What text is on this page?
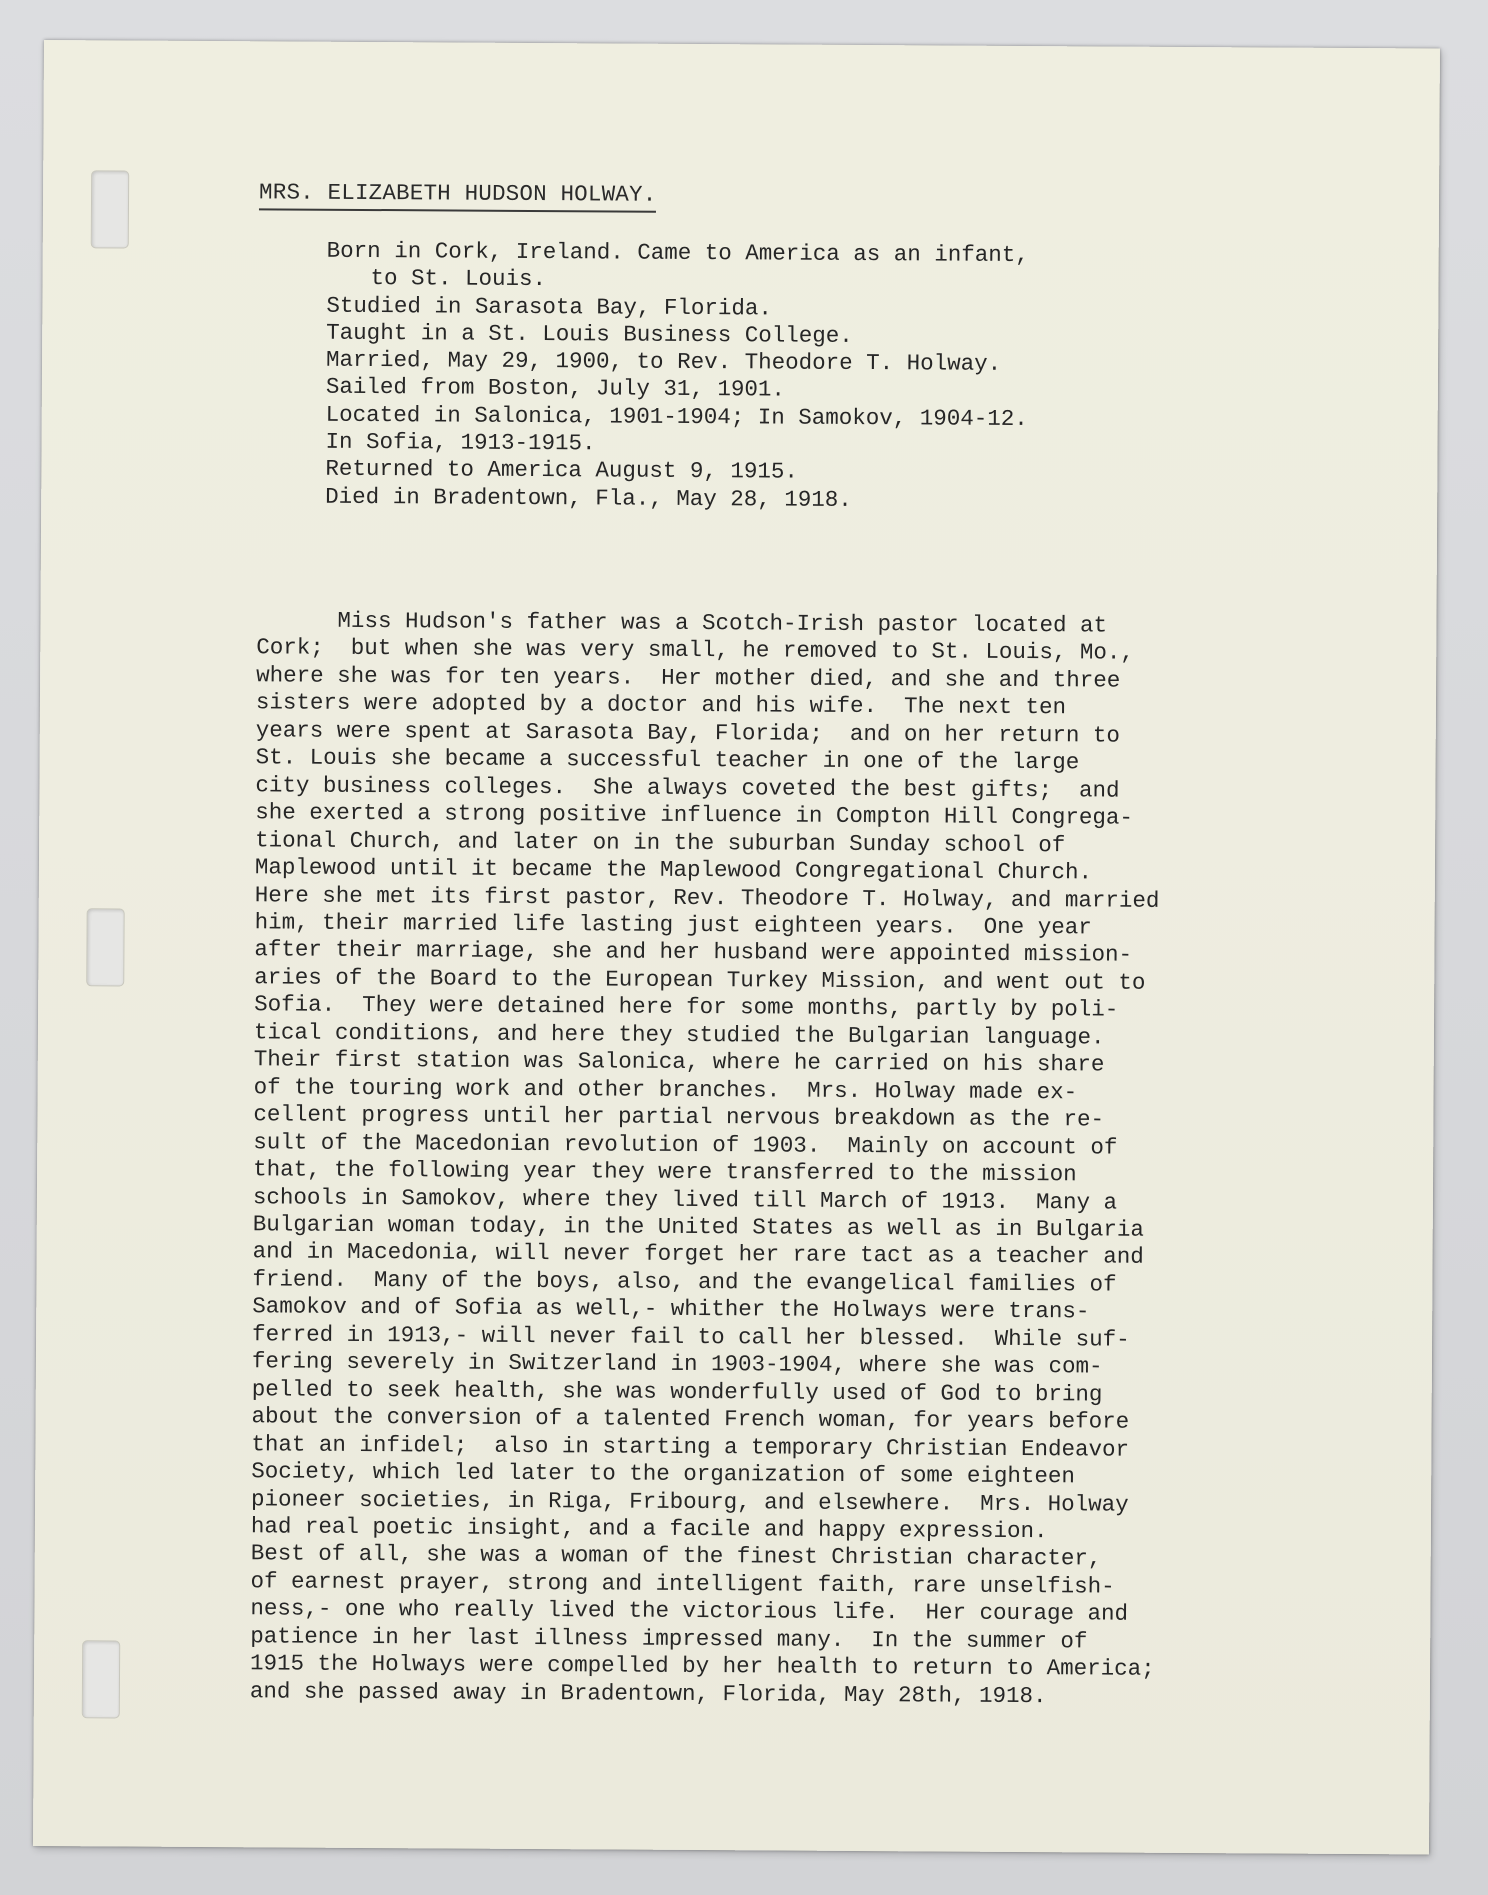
MRS. ELIZABETH HUDSON HOLWAY.
Born in Cork, Ireland. Came to America as an infant,
to St. Louis.
Studied in Sarasota Bay, Florida.
Taught in a St. Louis Business College.
Married, May 29, 1900, to Rev. Theodore T. Holway.
Sailed from Boston, July 31, 1901.
Located in Salonica, 1901-1904; In Samokov, 1904-12.
In Sofia, 1913-1915.
Returned to America August 9, 1915.
Died in Bradentown, Fla., May 28, 1918.
Miss Hudson's father was a Scotch-Irish pastor located at
Cork;  but when she was very small, he removed to St. Louis, Mo.,
where she was for ten years.  Her mother died, and she and three
sisters were adopted by a doctor and his wife.  The next ten
years were spent at Sarasota Bay, Florida;  and on her return to
St. Louis she became a successful teacher in one of the large
city business colleges.  She always coveted the best gifts;  and
she exerted a strong positive influence in Compton Hill Congrega-
tional Church, and later on in the suburban Sunday school of
Maplewood until it became the Maplewood Congregational Church.
Here she met its first pastor, Rev. Theodore T. Holway, and married
him, their married life lasting just eighteen years.  One year
after their marriage, she and her husband were appointed mission-
aries of the Board to the European Turkey Mission, and went out to
Sofia.  They were detained here for some months, partly by poli-
tical conditions, and here they studied the Bulgarian language.
Their first station was Salonica, where he carried on his share
of the touring work and other branches.  Mrs. Holway made ex-
cellent progress until her partial nervous breakdown as the re-
sult of the Macedonian revolution of 1903.  Mainly on account of
that, the following year they were transferred to the mission
schools in Samokov, where they lived till March of 1913.  Many a
Bulgarian woman today, in the United States as well as in Bulgaria
and in Macedonia, will never forget her rare tact as a teacher and
friend.  Many of the boys, also, and the evangelical families of
Samokov and of Sofia as well,- whither the Holways were trans-
ferred in 1913,- will never fail to call her blessed.  While suf-
fering severely in Switzerland in 1903-1904, where she was com-
pelled to seek health, she was wonderfully used of God to bring
about the conversion of a talented French woman, for years before
that an infidel;  also in starting a temporary Christian Endeavor
Society, which led later to the organization of some eighteen
pioneer societies, in Riga, Fribourg, and elsewhere.  Mrs. Holway
had real poetic insight, and a facile and happy expression.
Best of all, she was a woman of the finest Christian character,
of earnest prayer, strong and intelligent faith, rare unselfish-
ness,- one who really lived the victorious life.  Her courage and
patience in her last illness impressed many.  In the summer of
1915 the Holways were compelled by her health to return to America;
and she passed away in Bradentown, Florida, May 28th, 1918.
